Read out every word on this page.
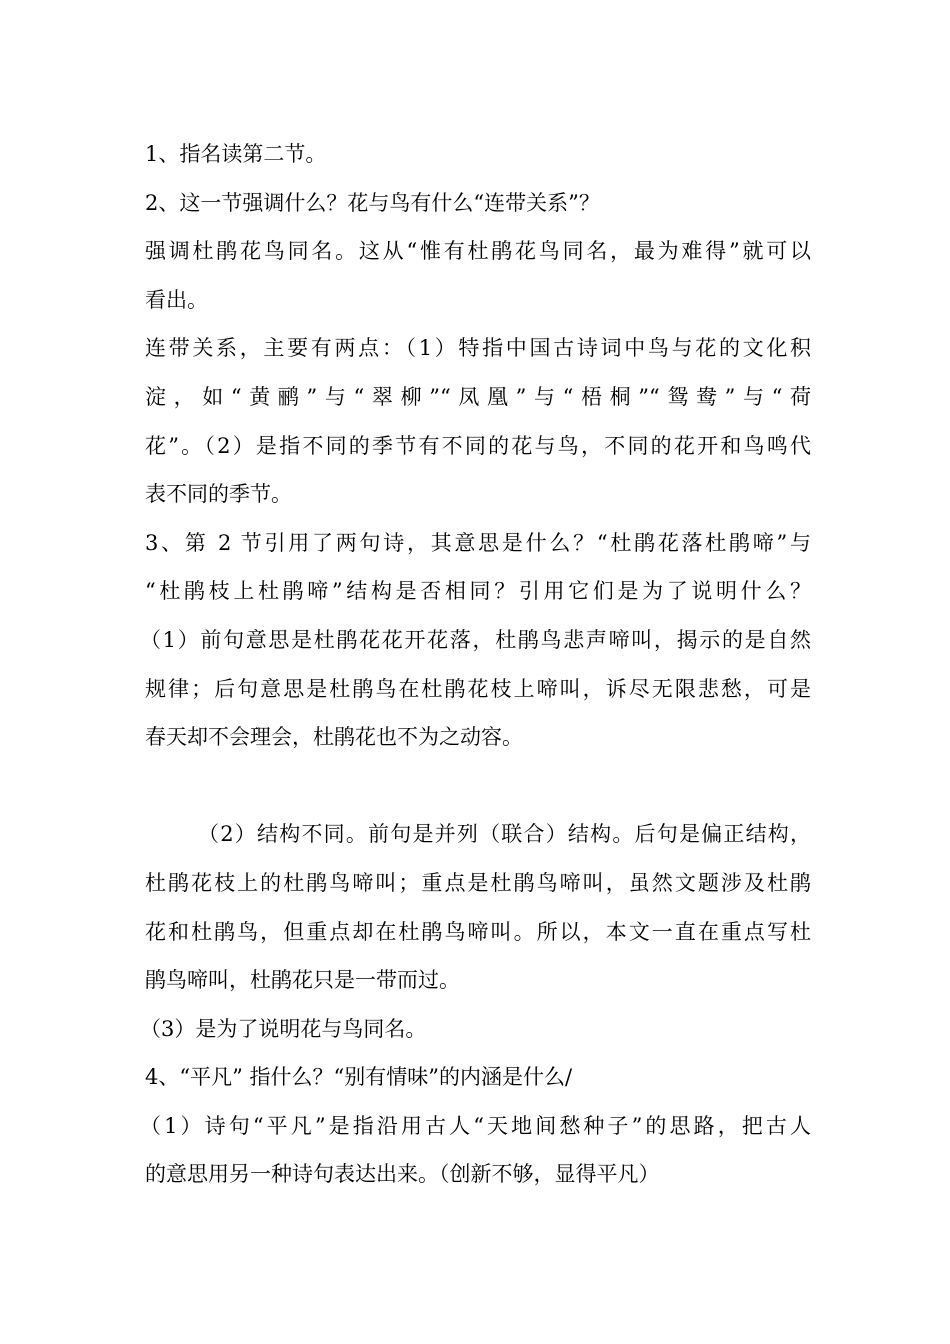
1、指名读第二节。
2、这一节强调什么？花与鸟有什么“连带关系”？
强调杜鹃花鸟同名。这从“惟有杜鹃花鸟同名，最为难得”就可以
看出。
连带关系，主要有两点：（1）特指中国古诗词中鸟与花的文化积
淀，如“黄鹂”与“翠柳”“凤凰”与“梧桐”“鸳鸯”与“荷
花”。（2）是指不同的季节有不同的花与鸟，不同的花开和鸟鸣代
表不同的季节。
3、第 2 节引用了两句诗，其意思是什么？“杜鹃花落杜鹃啼”与
“杜鹃枝上杜鹃啼”结构是否相同？引用它们是为了说明什么？
（1）前句意思是杜鹃花花开花落，杜鹃鸟悲声啼叫，揭示的是自然
规律；后句意思是杜鹃鸟在杜鹃花枝上啼叫，诉尽无限悲愁，可是
春天却不会理会，杜鹃花也不为之动容。
（2）结构不同。前句是并列（联合）结构。后句是偏正结构，
杜鹃花枝上的杜鹃鸟啼叫；重点是杜鹃鸟啼叫，虽然文题涉及杜鹃
花和杜鹃鸟，但重点却在杜鹃鸟啼叫。所以，本文一直在重点写杜
鹃鸟啼叫，杜鹃花只是一带而过。
（3）是为了说明花与鸟同名。
4、“平凡” 指什么？“别有情味”的内涵是什么/
（1）诗句“平凡”是指沿用古人“天地间愁种子”的思路，把古人
的意思用另一种诗句表达出来。（创新不够，显得平凡）
